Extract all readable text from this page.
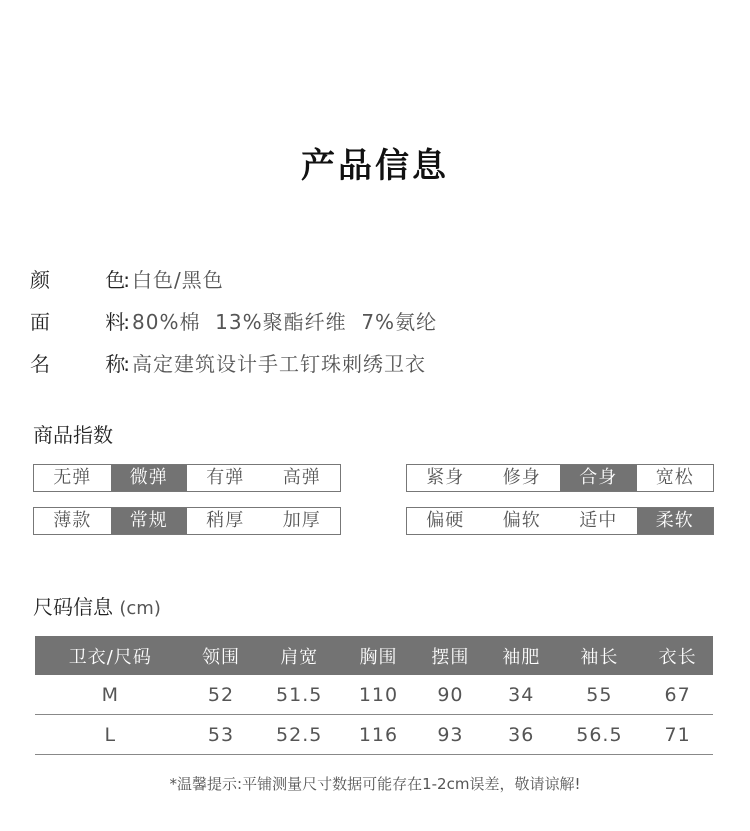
产品信息
颜	色: 白色/黑色
面	料: 80%棉  13%聚酯纤维  7%氨纶
名	称: 高定建筑设计手工钉珠刺绣卫衣
商品指数
无弹	微弹	有弹	高弹	紧身	修身	合身	宽松
薄款	常规	稍厚	加厚	偏硬	偏软	适中	柔软
尺码信息 (cm)
卫衣/尺码	领围	肩宽	胸围	摆围	袖肥	袖长	衣长
M	52	51.5	110	90	34	55	67
L	53	52.5	116	93	36	56.5	71
*温馨提示:平铺测量尺寸数据可能存在1-2cm误差，敬请谅解!
